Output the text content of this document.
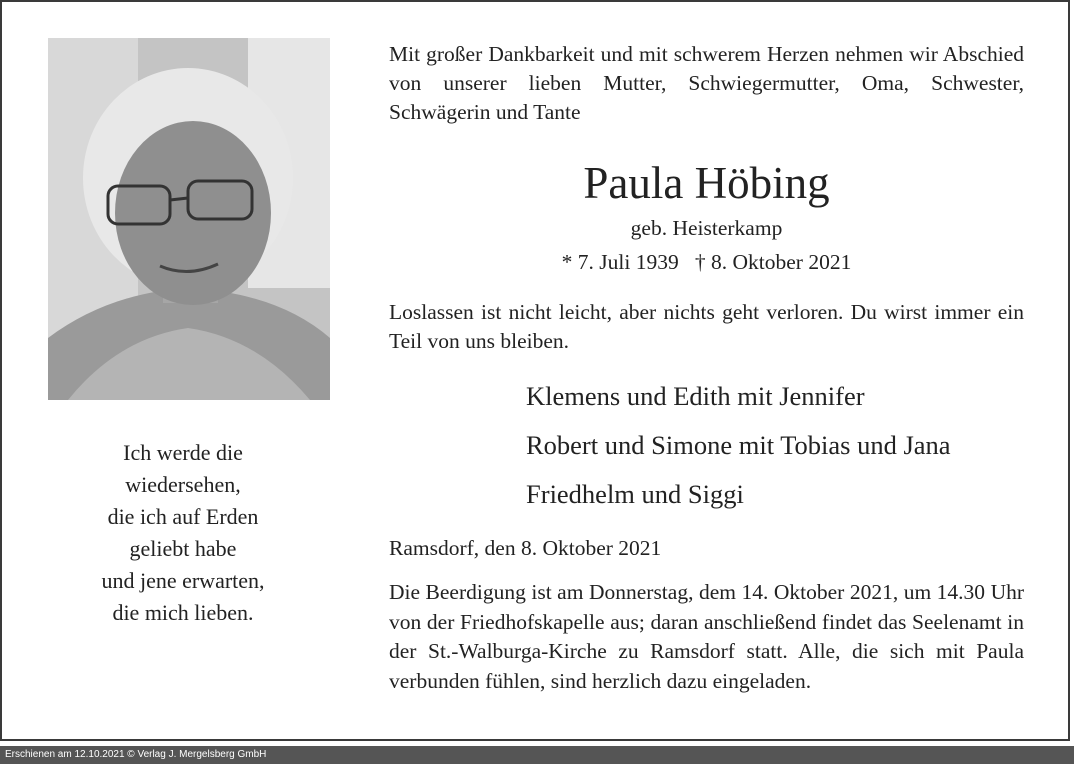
Ich werde die
wiedersehen,
die ich auf Erden
geliebt habe
und jene erwarten,
die mich lieben.
Mit großer Dankbarkeit und mit schwerem Herzen nehmen wir Abschied von unserer lieben Mutter, Schwiegermutter, Oma, Schwester, Schwägerin und Tante
Paula Höbing
geb. Heisterkamp
* 7. Juli 1939 † 8. Oktober 2021
Loslassen ist nicht leicht, aber nichts geht verloren. Du wirst immer ein Teil von uns bleiben.
Klemens und Edith mit Jennifer
Robert und Simone mit Tobias und Jana
Friedhelm und Siggi
Ramsdorf, den 8. Oktober 2021
Die Beerdigung ist am Donnerstag, dem 14. Oktober 2021, um 14.30 Uhr von der Friedhofskapelle aus; daran anschließend findet das Seelenamt in der St.-Walburga-Kirche zu Ramsdorf statt. Alle, die sich mit Paula verbunden fühlen, sind herzlich dazu eingeladen.
Erschienen am 12.10.2021 © Verlag J. Mergelsberg GmbH
